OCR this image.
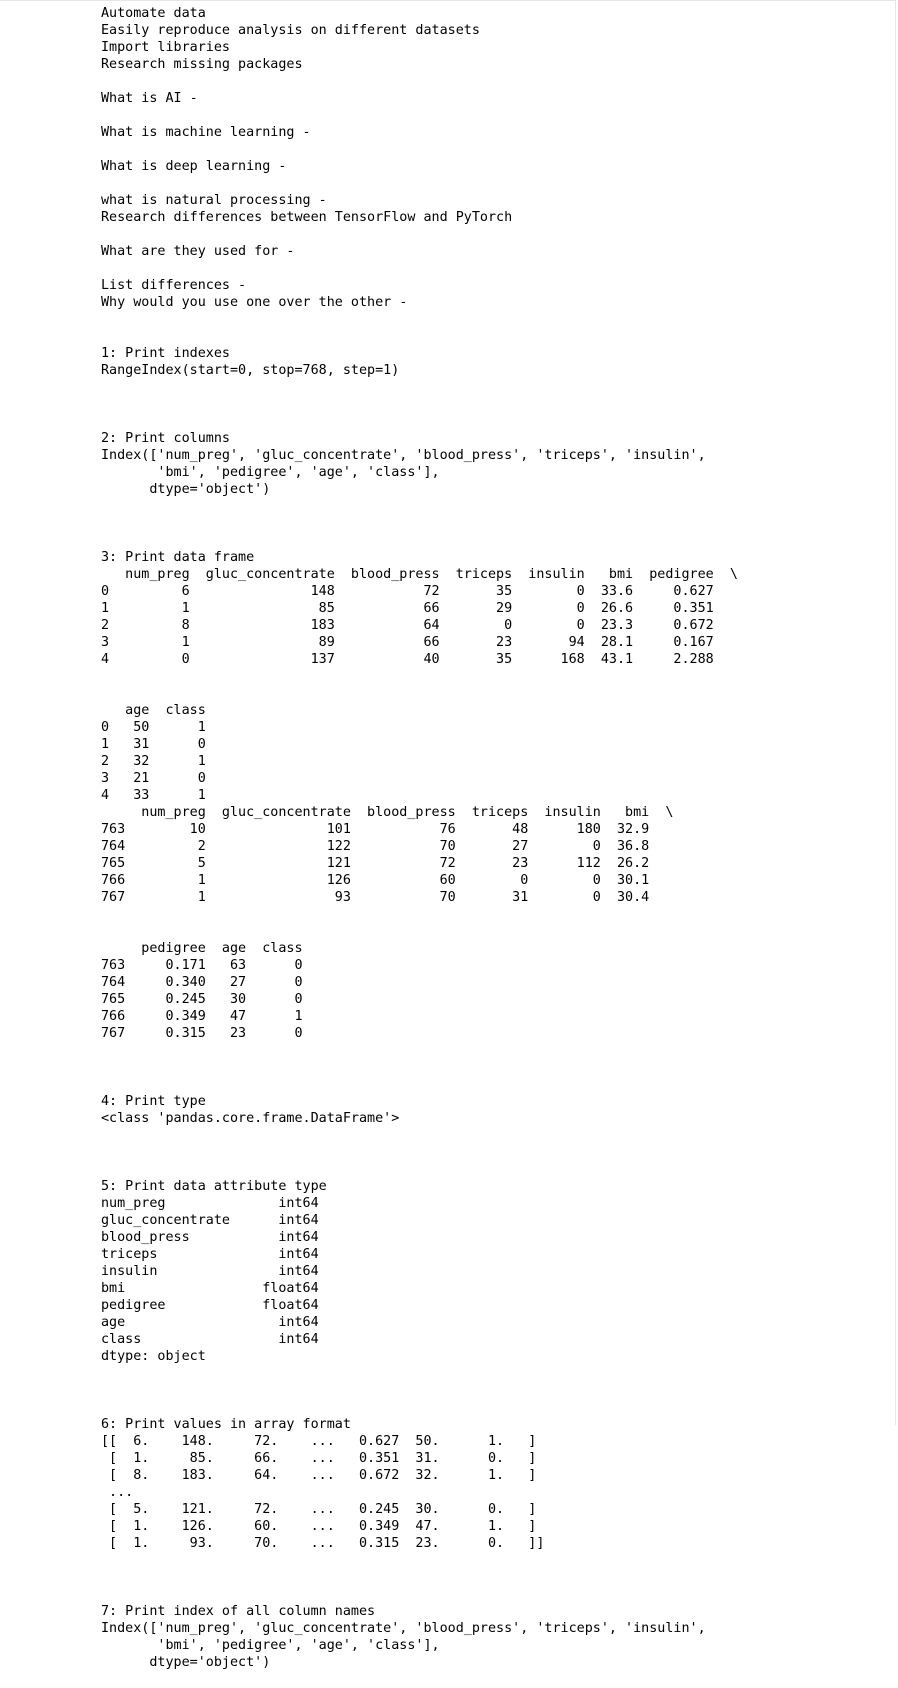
Automate data
Easily reproduce analysis on different datasets
Import libraries
Research missing packages

What is AI -

What is machine learning -

What is deep learning -

what is natural processing -
Research differences between TensorFlow and PyTorch

What are they used for -

List differences -
Why would you use one over the other -

1: Print indexes
RangeIndex(start=0, stop=768, step=1)

2: Print columns
Index(['num_preg', 'gluc_concentrate', 'blood_press', 'triceps', 'insulin',
'bmi', 'pedigree', 'age', 'class'],
dtype='object')

3: Print data frame
num_preg  gluc_concentrate  blood_press  triceps  insulin   bmi  pedigree  \
0         6               148           72       35        0  33.6     0.627
1         1                85           66       29        0  26.6     0.351
2         8               183           64        0        0  23.3     0.672
3         1                89           66       23       94  28.1     0.167
4         0               137           40       35      168  43.1     2.288

age  class
0   50      1
1   31      0
2   32      1
3   21      0
4   33      1
num_preg  gluc_concentrate  blood_press  triceps  insulin   bmi  \
763        10               101           76       48      180  32.9
764         2               122           70       27        0  36.8
765         5               121           72       23      112  26.2
766         1               126           60        0        0  30.1
767         1                93           70       31        0  30.4

pedigree  age  class
763     0.171   63      0
764     0.340   27      0
765     0.245   30      0
766     0.349   47      1
767     0.315   23      0

4: Print type
<class 'pandas.core.frame.DataFrame'>

5: Print data attribute type
num_preg              int64
gluc_concentrate      int64
blood_press           int64
triceps               int64
insulin               int64
bmi                 float64
pedigree            float64
age                   int64
class                 int64
dtype: object

6: Print values in array format
[[  6.    148.     72.    ...   0.627  50.      1.   ]
[  1.     85.     66.    ...   0.351  31.      0.   ]
[  8.    183.     64.    ...   0.672  32.      1.   ]
...
[  5.    121.     72.    ...   0.245  30.      0.   ]
[  1.    126.     60.    ...   0.349  47.      1.   ]
[  1.     93.     70.    ...   0.315  23.      0.   ]]

7: Print index of all column names
Index(['num_preg', 'gluc_concentrate', 'blood_press', 'triceps', 'insulin',
'bmi', 'pedigree', 'age', 'class'],
dtype='object')
